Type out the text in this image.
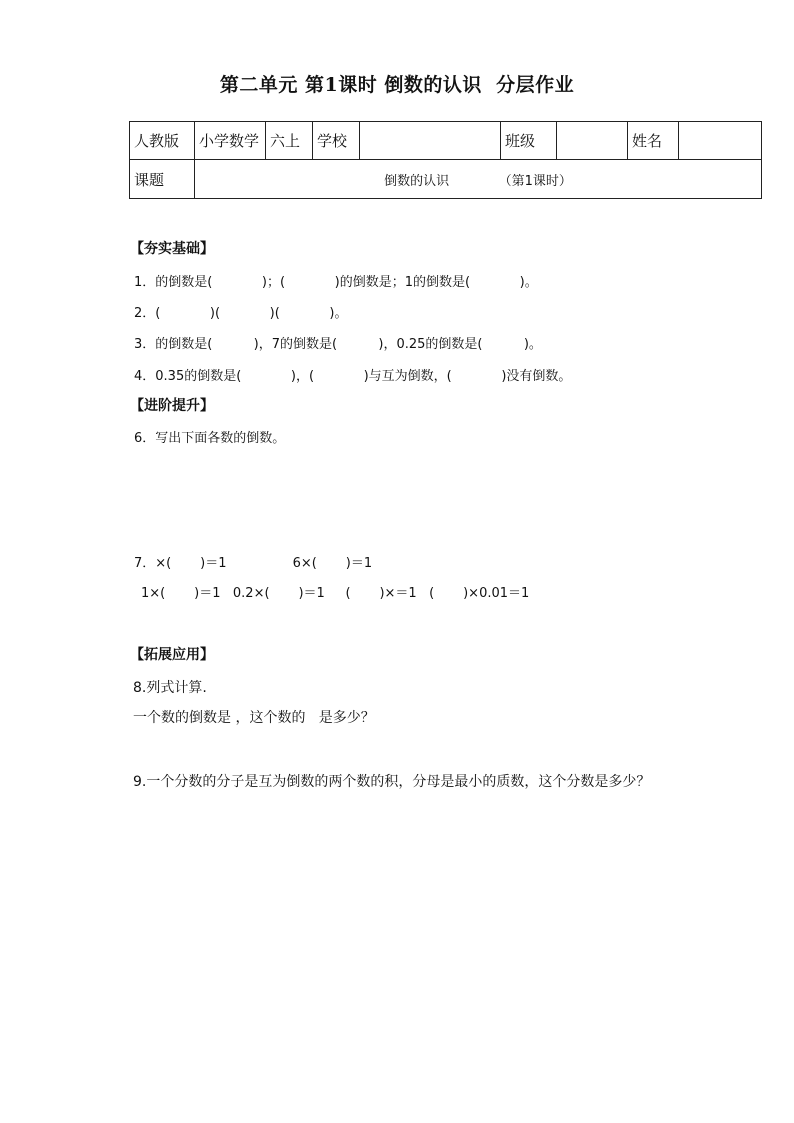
第二单元 第1课时 倒数的认识  分层作业
人教版	小学数学	六上	学校		班级		姓名	
课题	倒数的认识            （第1课时）							
【夯实基础】
1．的倒数是(            )；(            )的倒数是；1的倒数是(            )。
2．(            )(            )(            )。
3．的倒数是(          )，7的倒数是(          )，0.25的倒数是(          )。
4．0.35的倒数是(            )，(            )与互为倒数，(            )没有倒数。
【进阶提升】
6．写出下面各数的倒数。
7．×(       )＝1                6×(       )＝1
1×(       )＝1   0.2×(       )＝1     (       )×＝1   (       )×0.01＝1
【拓展应用】
8.列式计算.
一个数的倒数是 ，这个数的   是多少？
9.一个分数的分子是互为倒数的两个数的积，分母是最小的质数，这个分数是多少？
